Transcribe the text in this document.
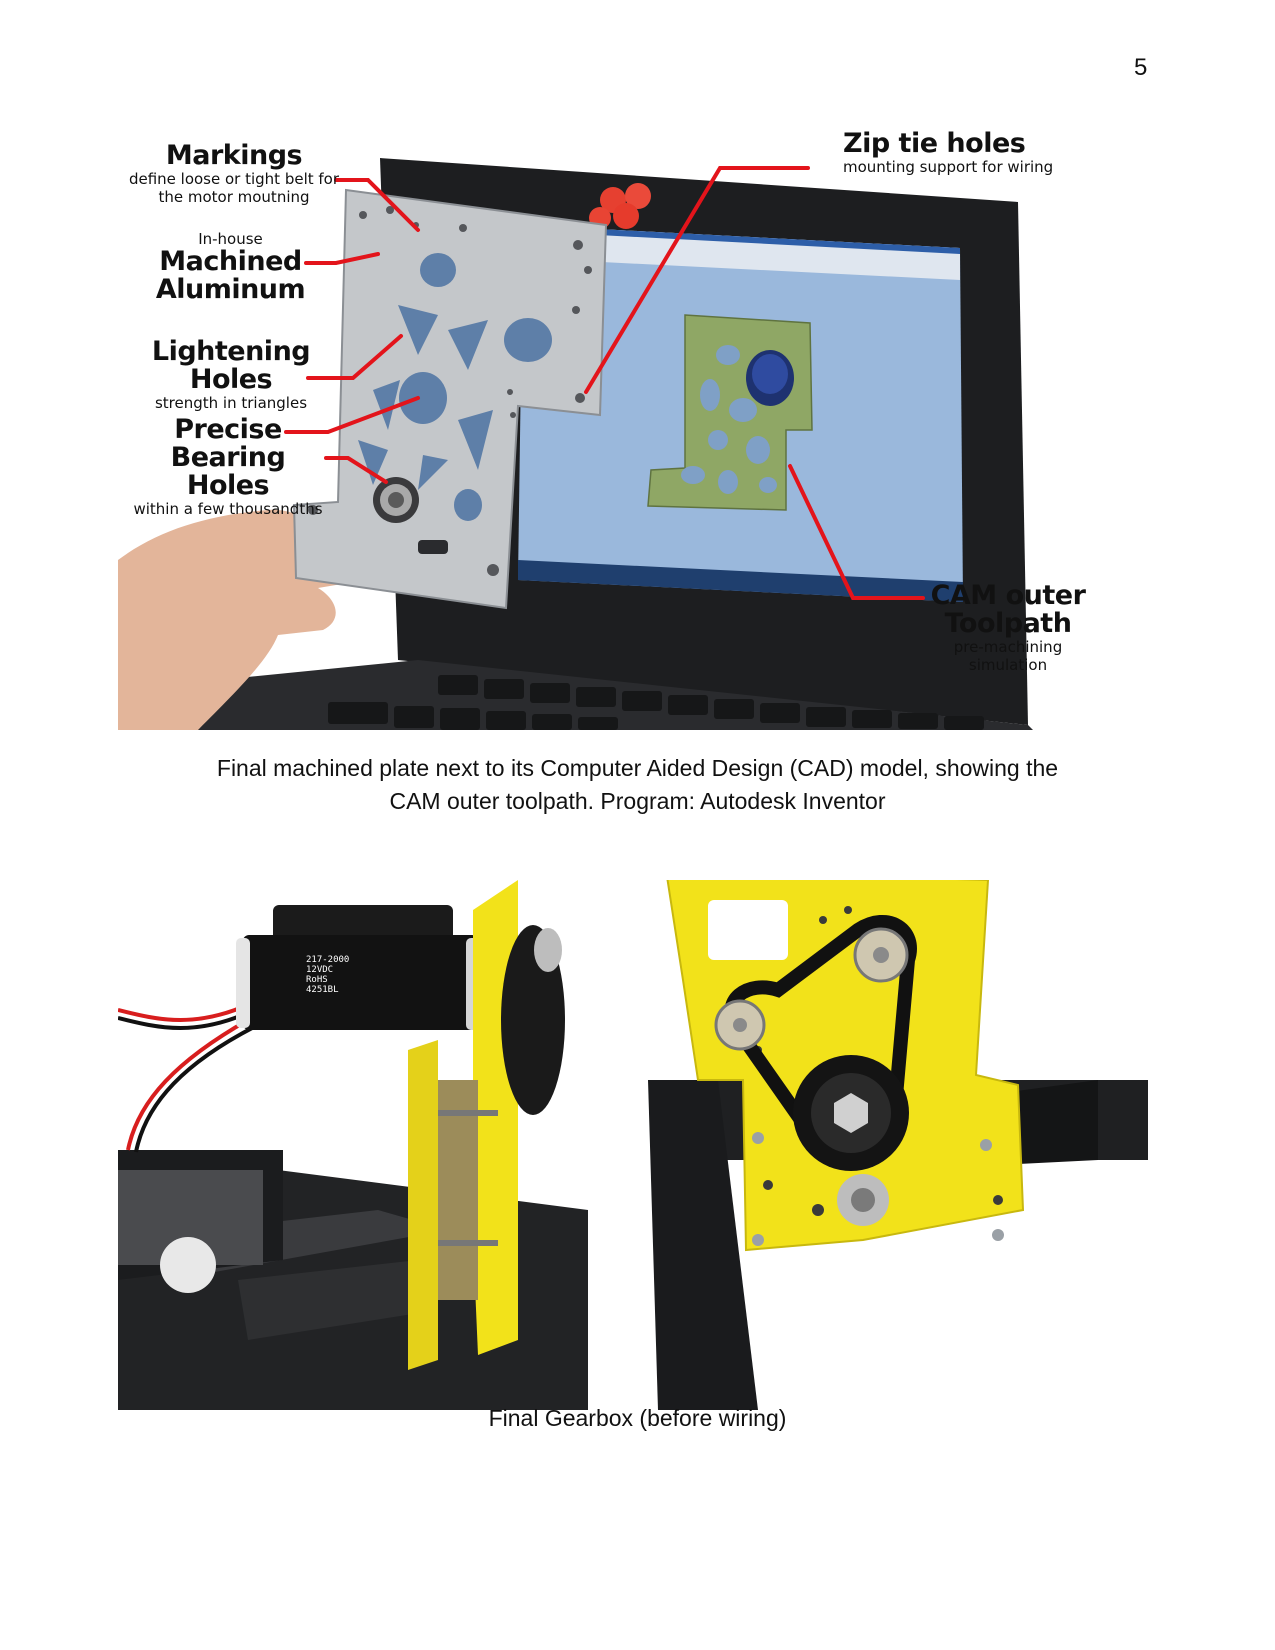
5
Markings
define loose or tight belt for
the motor moutning
In-house
Machined
Aluminum
Lightening Holes
strength in triangles
Precise
Bearing Holes
within a few thousandths
Zip tie holes
mounting support for wiring
CAM outer
Toolpath
pre-machining
simulation
Final machined plate next to its Computer Aided Design (CAD) model, showing the
CAM outer toolpath. Program: Autodesk Inventor
217-2000
12VDC
RoHS
4251BL
Final Gearbox (before wiring)
